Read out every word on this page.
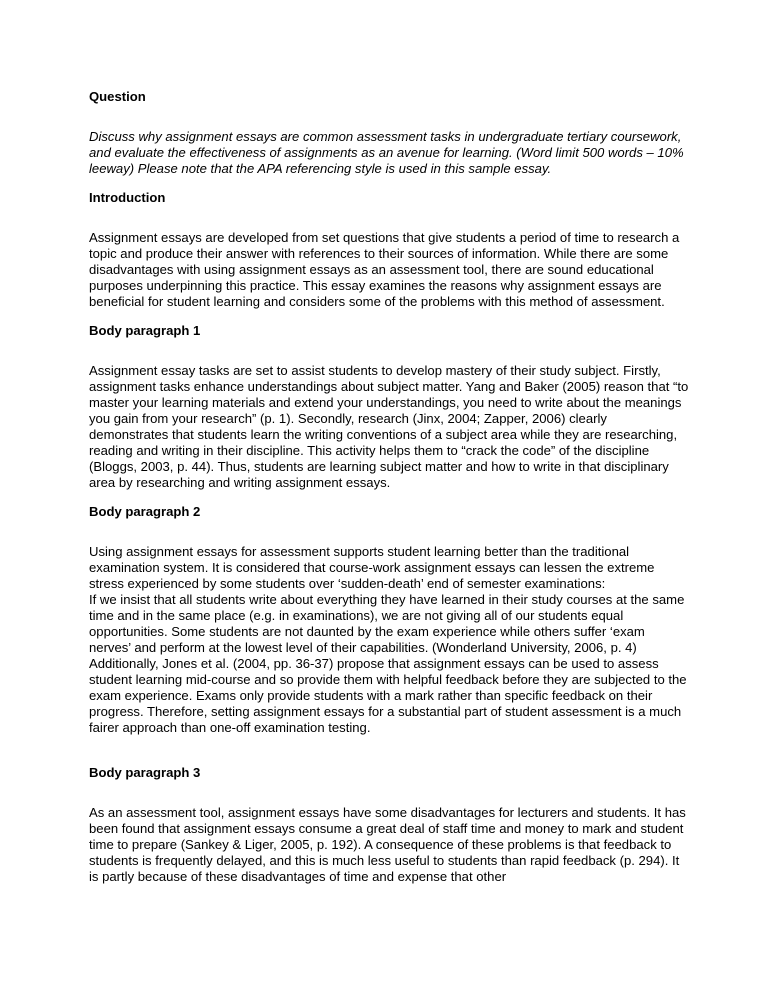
Question

Discuss why assignment essays are common assessment tasks in undergraduate tertiary coursework, and evaluate the effectiveness of assignments as an avenue for learning. (Word limit 500 words – 10% leeway) Please note that the APA referencing style is used in this sample essay.

Introduction

Assignment essays are developed from set questions that give students a period of time to research a topic and produce their answer with references to their sources of information. While there are some disadvantages with using assignment essays as an assessment tool, there are sound educational purposes underpinning this practice. This essay examines the reasons why assignment essays are beneficial for student learning and considers some of the problems with this method of assessment.

Body paragraph 1

Assignment essay tasks are set to assist students to develop mastery of their study subject. Firstly, assignment tasks enhance understandings about subject matter. Yang and Baker (2005) reason that “to master your learning materials and extend your understandings, you need to write about the meanings you gain from your research” (p. 1). Secondly, research (Jinx, 2004; Zapper, 2006) clearly demonstrates that students learn the writing conventions of a subject area while they are researching, reading and writing in their discipline. This activity helps them to “crack the code” of the discipline (Bloggs, 2003, p. 44). Thus, students are learning subject matter and how to write in that disciplinary area by researching and writing assignment essays.

Body paragraph 2

Using assignment essays for assessment supports student learning better than the traditional examination system. It is considered that course-work assignment essays can lessen the extreme stress experienced by some students over ‘sudden-death’ end of semester examinations:

If we insist that all students write about everything they have learned in their study courses at the same time and in the same place (e.g. in examinations), we are not giving all of our students equal opportunities. Some students are not daunted by the exam experience while others suffer ‘exam nerves’ and perform at the lowest level of their capabilities. (Wonderland University, 2006, p. 4) Additionally, Jones et al. (2004, pp. 36-37) propose that assignment essays can be used to assess student learning mid-course and so provide them with helpful feedback before they are subjected to the exam experience. Exams only provide students with a mark rather than specific feedback on their progress. Therefore, setting assignment essays for a substantial part of student assessment is a much fairer approach than one-off examination testing.

Body paragraph 3

As an assessment tool, assignment essays have some disadvantages for lecturers and students. It has been found that assignment essays consume a great deal of staff time and money to mark and student time to prepare (Sankey & Liger, 2005, p. 192). A consequence of these problems is that feedback to students is frequently delayed, and this is much less useful to students than rapid feedback (p. 294). It is partly because of these disadvantages of time and expense that other
